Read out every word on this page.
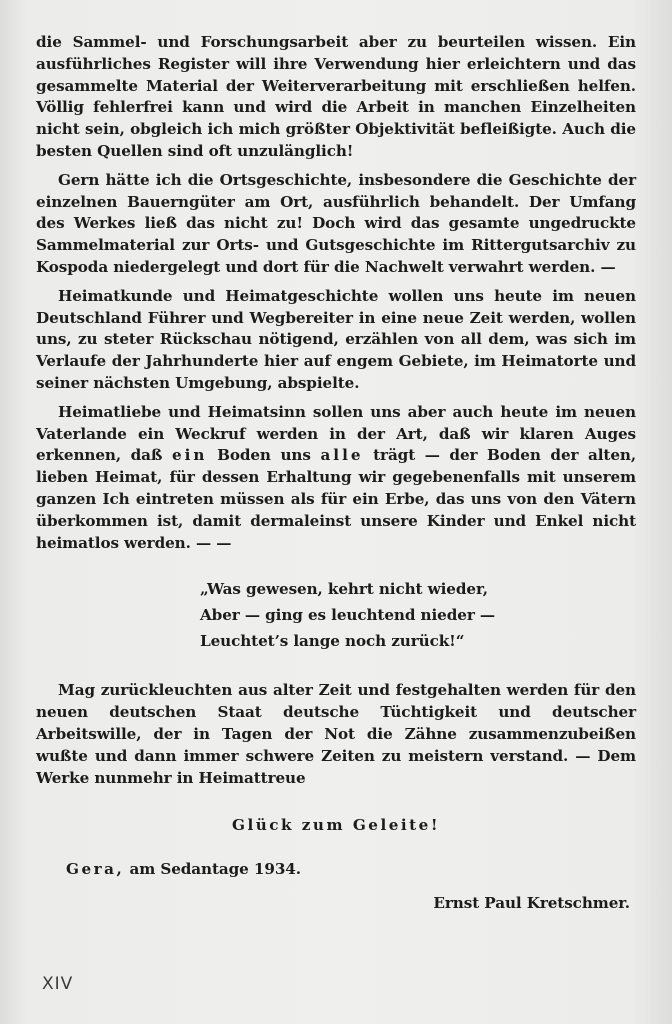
die Sammel- und Forschungsarbeit aber zu beurteilen wissen. Ein ausführliches Register will ihre Verwendung hier erleichtern und das gesammelte Material der Weiterverarbeitung mit erschließen helfen. Völlig fehlerfrei kann und wird die Arbeit in manchen Einzelheiten nicht sein, obgleich ich mich größter Objektivität befleißigte. Auch die besten Quellen sind oft unzulänglich!

Gern hätte ich die Ortsgeschichte, insbesondere die Geschichte der einzelnen Bauerngüter am Ort, ausführlich behandelt. Der Umfang des Werkes ließ das nicht zu! Doch wird das gesamte ungedruckte Sammelmaterial zur Orts- und Gutsgeschichte im Rittergutsarchiv zu Kospoda niedergelegt und dort für die Nachwelt verwahrt werden. —

Heimatkunde und Heimatgeschichte wollen uns heute im neuen Deutschland Führer und Wegbereiter in eine neue Zeit werden, wollen uns, zu steter Rückschau nötigend, erzählen von all dem, was sich im Verlaufe der Jahrhunderte hier auf engem Gebiete, im Heimatorte und seiner nächsten Umgebung, abspielte.

Heimatliebe und Heimatsinn sollen uns aber auch heute im neuen Vaterlande ein Weckruf werden in der Art, daß wir klaren Auges erkennen, daß ein Boden uns alle trägt — der Boden der alten, lieben Heimat, für dessen Erhaltung wir gegebenenfalls mit unserem ganzen Ich eintreten müssen als für ein Erbe, das uns von den Vätern überkommen ist, damit dermaleinst unsere Kinder und Enkel nicht heimatlos werden. — —

„Was gewesen, kehrt nicht wieder,
Aber — ging es leuchtend nieder —
Leuchtet’s lange noch zurück!“

Mag zurückleuchten aus alter Zeit und festgehalten werden für den neuen deutschen Staat deutsche Tüchtigkeit und deutscher Arbeitswille, der in Tagen der Not die Zähne zusammenzubeißen wußte und dann immer schwere Zeiten zu meistern verstand. — Dem Werke nunmehr in Heimattreue

Glück zum Geleite!
Gera, am Sedantage 1934.
Ernst Paul Kretschmer.
XIV
